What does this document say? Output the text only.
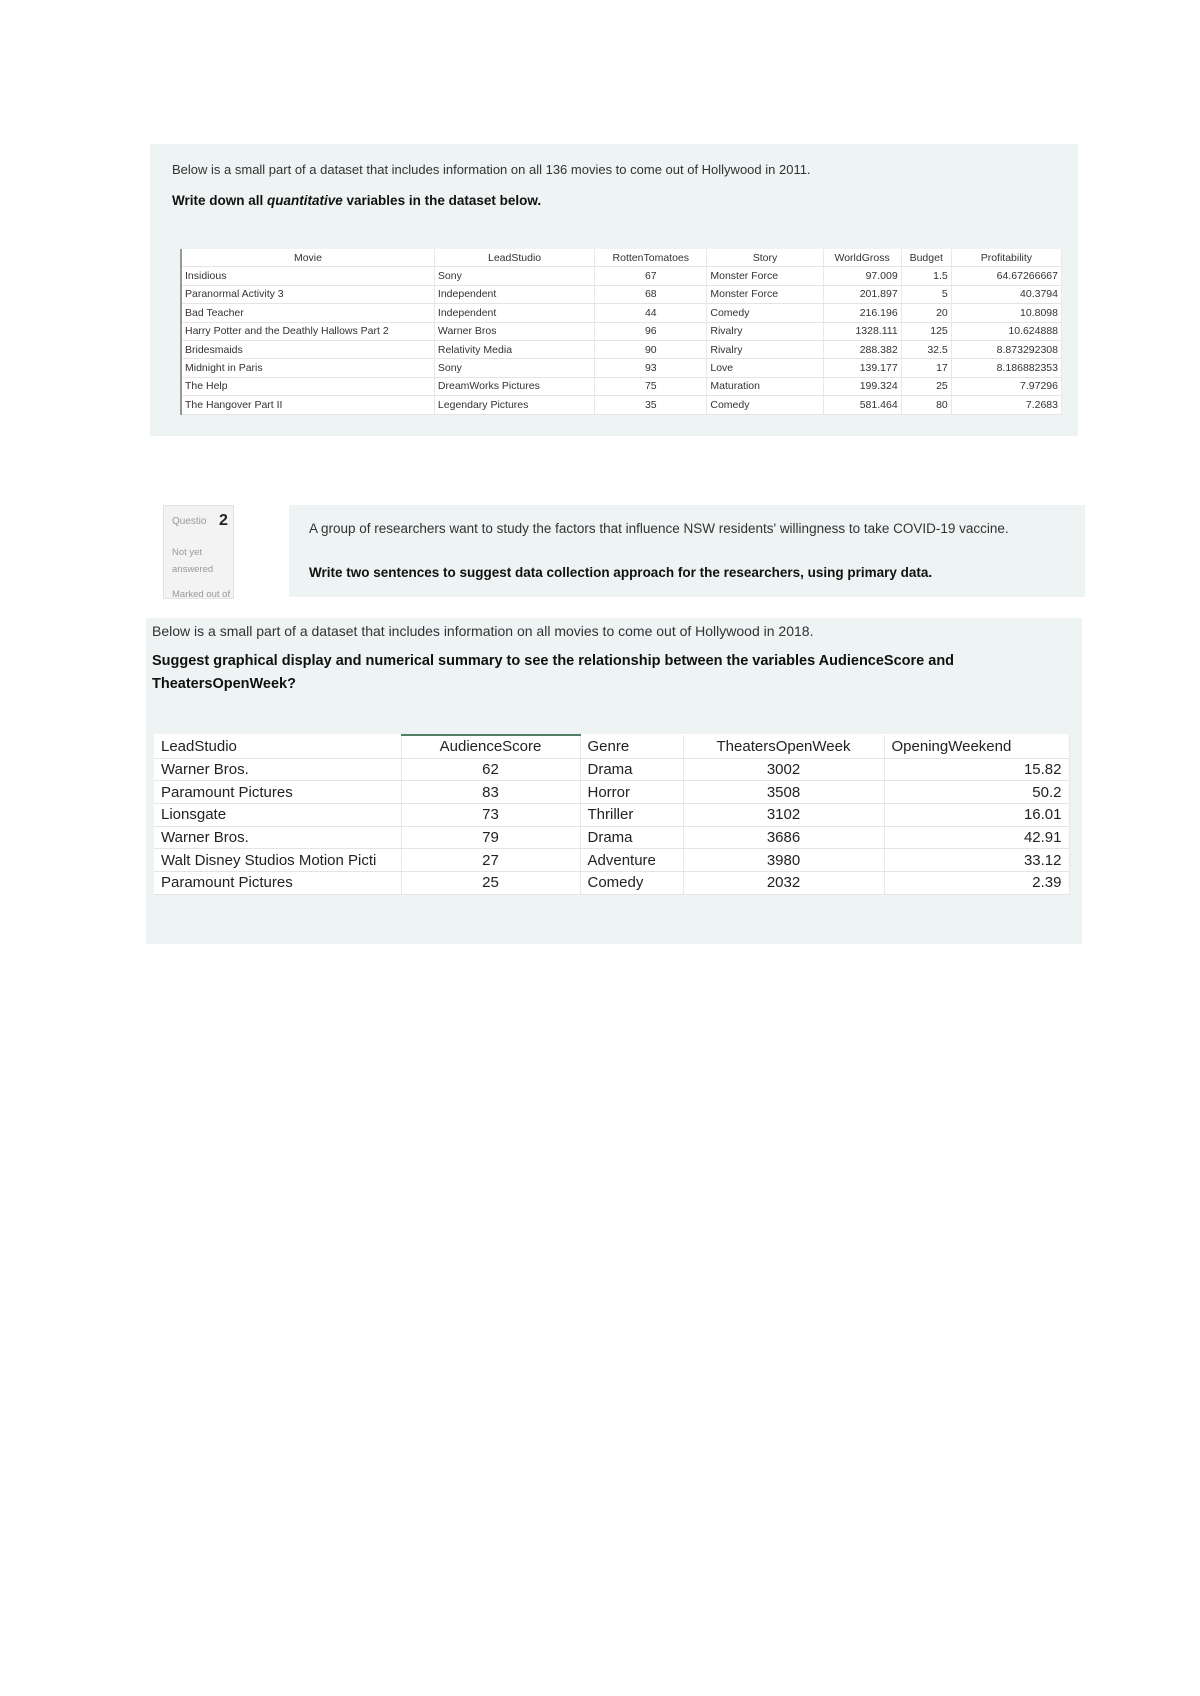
Below is a small part of a dataset that includes information on all 136 movies to come out of Hollywood in 2011.
Write down all quantitative variables in the dataset below.
Movie	LeadStudio	RottenTomatoes	Story	WorldGross	Budget	Profitability
Insidious	Sony	67	Monster Force	97.009	1.5	64.67266667
Paranormal Activity 3	Independent	68	Monster Force	201.897	5	40.3794
Bad Teacher	Independent	44	Comedy	216.196	20	10.8098
Harry Potter and the Deathly Hallows Part 2	Warner Bros	96	Rivalry	1328.111	125	10.624888
Bridesmaids	Relativity Media	90	Rivalry	288.382	32.5	8.873292308
Midnight in Paris	Sony	93	Love	139.177	17	8.186882353
The Help	DreamWorks Pictures	75	Maturation	199.324	25	7.97296
The Hangover Part II	Legendary Pictures	35	Comedy	581.464	80	7.2683
Questio 2
Not yet
answered
Marked out of
A group of researchers want to study the factors that influence NSW residents' willingness to take COVID-19 vaccine.
Write two sentences to suggest data collection approach for the researchers, using primary data.
Below is a small part of a dataset that includes information on all movies to come out of Hollywood in 2018.
Suggest graphical display and numerical summary to see the relationship between the variables AudienceScore and TheatersOpenWeek?
LeadStudio	AudienceScore	Genre	TheatersOpenWeek	OpeningWeekend
Warner Bros.	62	Drama	3002	15.82
Paramount Pictures	83	Horror	3508	50.2
Lionsgate	73	Thriller	3102	16.01
Warner Bros.	79	Drama	3686	42.91
Walt Disney Studios Motion Picti	27	Adventure	3980	33.12
Paramount Pictures	25	Comedy	2032	2.39
